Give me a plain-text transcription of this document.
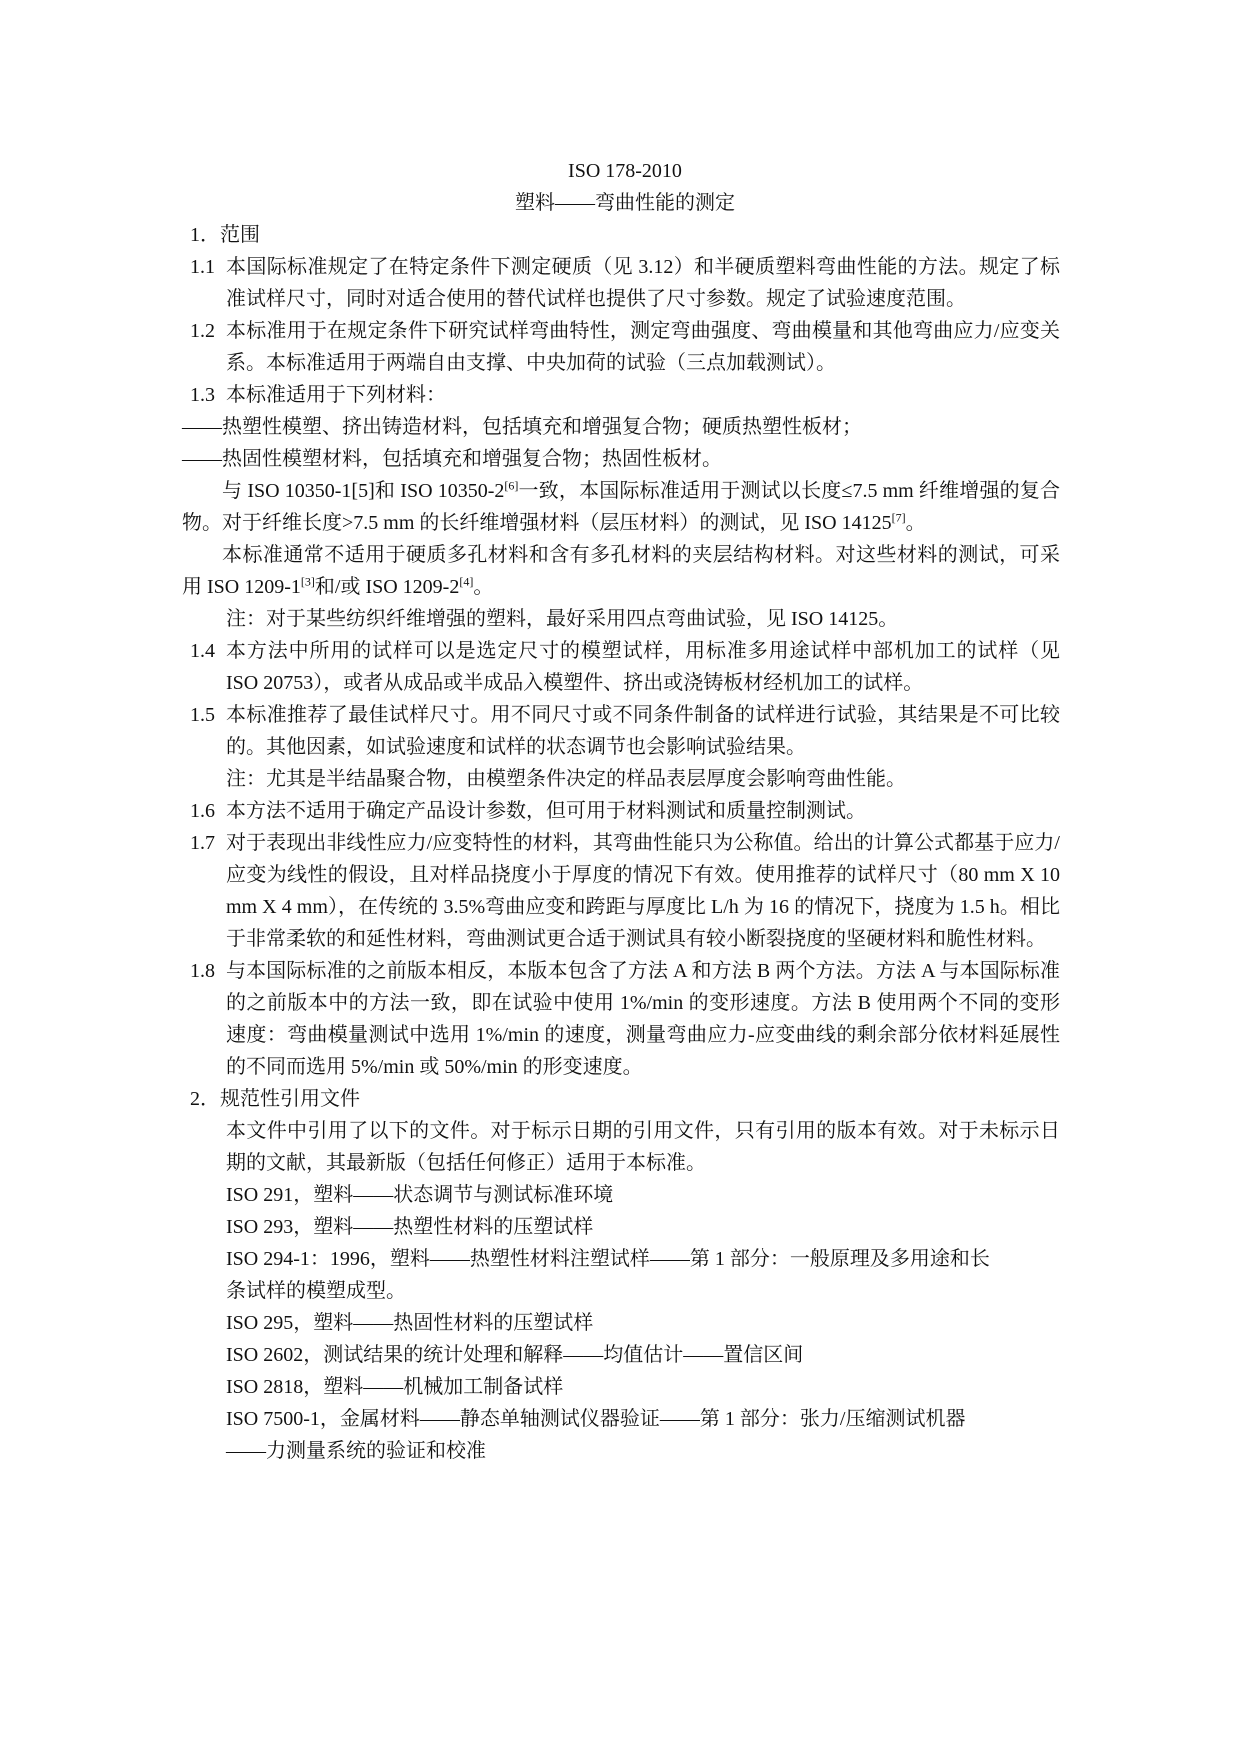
ISO 178-2010
塑料——弯曲性能的测定
1．范围
1.1 本国际标准规定了在特定条件下测定硬质（见 3.12）和半硬质塑料弯曲性能的方法。规定了标准试样尺寸，同时对适合使用的替代试样也提供了尺寸参数。规定了试验速度范围。
1.2 本标准用于在规定条件下研究试样弯曲特性，测定弯曲强度、弯曲模量和其他弯曲应力/应变关系。本标准适用于两端自由支撑、中央加荷的试验（三点加载测试）。
1.3 本标准适用于下列材料：
——热塑性模塑、挤出铸造材料，包括填充和增强复合物；硬质热塑性板材；
——热固性模塑材料，包括填充和增强复合物；热固性板材。
与 ISO 10350-1[5]和 ISO 10350-2[6]一致，本国际标准适用于测试以长度≤7.5 mm 纤维增强的复合物。对于纤维长度>7.5 mm 的长纤维增强材料（层压材料）的测试，见 ISO 14125[7]。
本标准通常不适用于硬质多孔材料和含有多孔材料的夹层结构材料。对这些材料的测试，可采用 ISO 1209-1[3]和/或 ISO 1209-2[4]。
注：对于某些纺织纤维增强的塑料，最好采用四点弯曲试验，见 ISO 14125。
1.4 本方法中所用的试样可以是选定尺寸的模塑试样，用标准多用途试样中部机加工的试样（见 ISO 20753），或者从成品或半成品入模塑件、挤出或浇铸板材经机加工的试样。
1.5 本标准推荐了最佳试样尺寸。用不同尺寸或不同条件制备的试样进行试验，其结果是不可比较的。其他因素，如试验速度和试样的状态调节也会影响试验结果。
注：尤其是半结晶聚合物，由模塑条件决定的样品表层厚度会影响弯曲性能。
1.6 本方法不适用于确定产品设计参数，但可用于材料测试和质量控制测试。
1.7 对于表现出非线性应力/应变特性的材料，其弯曲性能只为公称值。给出的计算公式都基于应力/应变为线性的假设，且对样品挠度小于厚度的情况下有效。使用推荐的试样尺寸（80 mm X 10 mm X 4 mm），在传统的 3.5%弯曲应变和跨距与厚度比 L/h 为 16 的情况下，挠度为 1.5 h。相比于非常柔软的和延性材料，弯曲测试更合适于测试具有较小断裂挠度的坚硬材料和脆性材料。
1.8 与本国际标准的之前版本相反，本版本包含了方法 A 和方法 B 两个方法。方法 A 与本国际标准的之前版本中的方法一致，即在试验中使用 1%/min 的变形速度。方法 B 使用两个不同的变形速度：弯曲模量测试中选用 1%/min 的速度，测量弯曲应力-应变曲线的剩余部分依材料延展性的不同而选用 5%/min 或 50%/min 的形变速度。
2．规范性引用文件
本文件中引用了以下的文件。对于标示日期的引用文件，只有引用的版本有效。对于未标示日期的文献，其最新版（包括任何修正）适用于本标准。
ISO 291，塑料——状态调节与测试标准环境
ISO 293，塑料——热塑性材料的压塑试样
ISO 294-1：1996，塑料——热塑性材料注塑试样——第 1 部分：一般原理及多用途和长
条试样的模塑成型。
ISO 295，塑料——热固性材料的压塑试样
ISO 2602，测试结果的统计处理和解释——均值估计——置信区间
ISO 2818，塑料——机械加工制备试样
ISO 7500-1，金属材料——静态单轴测试仪器验证——第 1 部分：张力/压缩测试机器
——力测量系统的验证和校准
